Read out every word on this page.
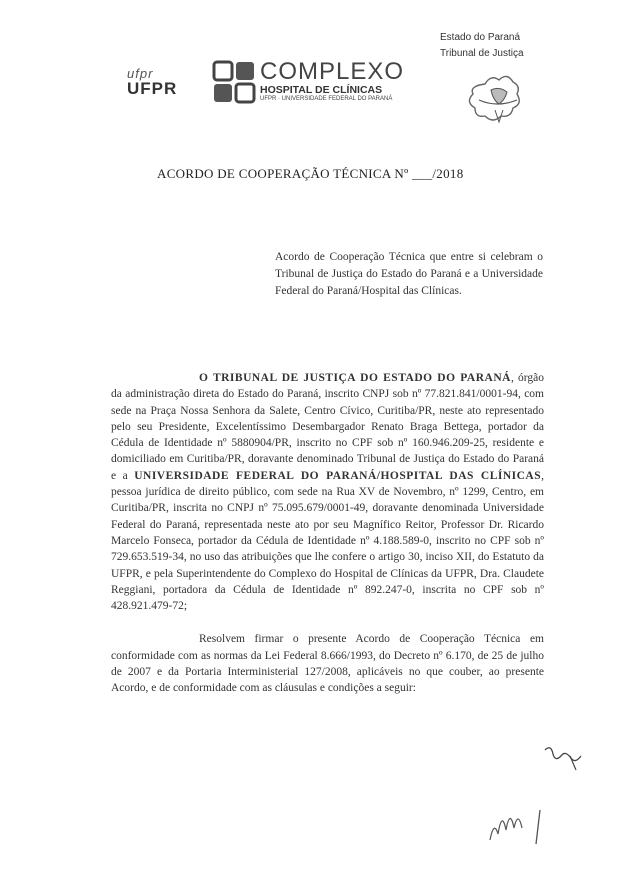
Estado do Paraná
Tribunal de Justiça
ufpr
UFPR
COMPLEXO
HOSPITAL DE CLÍNICAS
UFPR · UNIVERSIDADE FEDERAL DO PARANÁ
ACORDO DE COOPERAÇÃO TÉCNICA Nº ___/2018
Acordo de Cooperação Técnica que entre si celebram o Tribunal de Justiça do Estado do Paraná e a Universidade Federal do Paraná/Hospital das Clínicas.

O TRIBUNAL DE JUSTIÇA DO ESTADO DO PARANÁ, órgão da administração direta do Estado do Paraná, inscrito CNPJ sob nº 77.821.841/0001-94, com sede na Praça Nossa Senhora da Salete, Centro Cívico, Curitiba/PR, neste ato representado pelo seu Presidente, Excelentíssimo Desembargador Renato Braga Bettega, portador da Cédula de Identidade nº 5880904/PR, inscrito no CPF sob nº 160.946.209-25, residente e domiciliado em Curitiba/PR, doravante denominado Tribunal de Justiça do Estado do Paraná e a UNIVERSIDADE FEDERAL DO PARANÁ/HOSPITAL DAS CLÍNICAS, pessoa jurídica de direito público, com sede na Rua XV de Novembro, nº 1299, Centro, em Curitiba/PR, inscrita no CNPJ nº 75.095.679/0001-49, doravante denominada Universidade Federal do Paraná, representada neste ato por seu Magnífico Reitor, Professor Dr. Ricardo Marcelo Fonseca, portador da Cédula de Identidade nº 4.188.589-0, inscrito no CPF sob nº 729.653.519-34, no uso das atribuições que lhe confere o artigo 30, inciso XII, do Estatuto da UFPR, e pela Superintendente do Complexo do Hospital de Clínicas da UFPR, Dra. Claudete Reggiani, portadora da Cédula de Identidade nº 892.247-0, inscrita no CPF sob nº 428.921.479-72;

Resolvem firmar o presente Acordo de Cooperação Técnica em conformidade com as normas da Lei Federal 8.666/1993, do Decreto nº 6.170, de 25 de julho de 2007 e da Portaria Interministerial 127/2008, aplicáveis no que couber, ao presente Acordo, e de conformidade com as cláusulas e condições a seguir:
